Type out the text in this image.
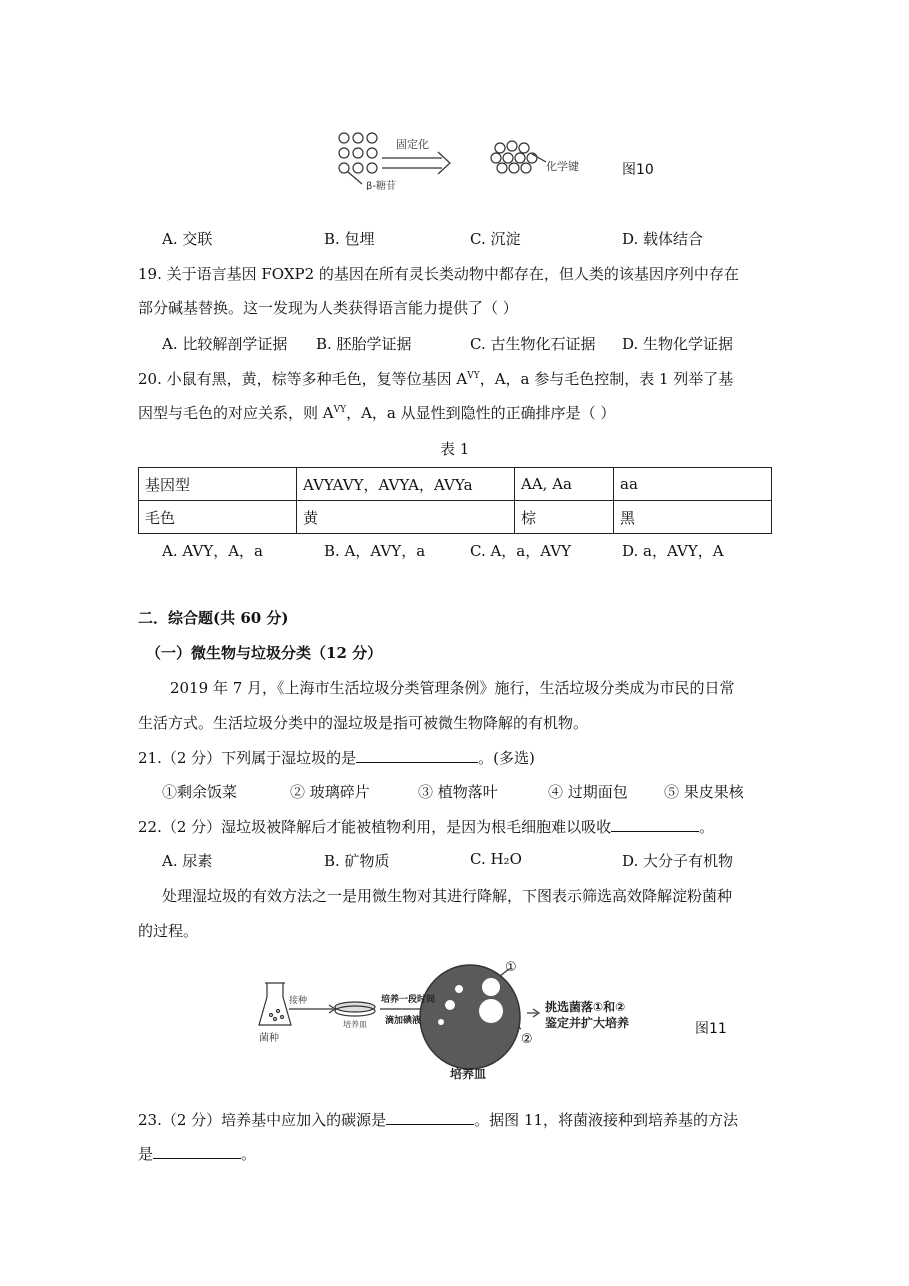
固定化
β-糖苷
化学键	图10
A. 交联	B. 包埋	C. 沉淀	D. 载体结合
19. 关于语言基因 FOXP2 的基因在所有灵长类动物中都存在，但人类的该基因序列中存在
部分碱基替换。这一发现为人类获得语言能力提供了（ ）
A. 比较解剖学证据 B. 胚胎学证据	C. 古生物化石证据 D. 生物化学证据
20. 小鼠有黑，黄，棕等多种毛色，复等位基因 $A^{VY}$，A，a 参与毛色控制，表 1 列举了基
因型与毛色的对应关系，则 $A^{VY}$，A，a 从显性到隐性的正确排序是（ ）
表 1
基因型	AVYAVY，AVYA，AVYa	AA, Aa	aa
毛色	黄	棕	黑
A. AVY，A，a	B. A，AVY，a	C. A，a，AVY	D. a，AVY，A
二．综合题(共 60 分)
（一）微生物与垃圾分类（12 分）
2019 年 7 月，《上海市生活垃圾分类管理条例》施行，生活垃圾分类成为市民的日常
生活方式。生活垃圾分类中的湿垃圾是指可被微生物降解的有机物。
21.（2 分）下列属于湿垃圾的是	。(多选)
①剩余饭菜	② 玻璃碎片	③ 植物落叶	④ 过期面包 ⑤ 果皮果核
22.（2 分）湿垃圾被降解后才能被植物利用，是因为根毛细胞难以吸收	。
A. 尿素	B. 矿物质	C. H₂O	D. 大分子有机物
处理湿垃圾的有效方法之一是用微生物对其进行降解，下图表示筛选高效降解淀粉菌种
的过程。
①
②
接种
培养皿
菌种
培养一段时间
滴加碘液
培养皿
挑选菌落①和②
鉴定并扩大培养	图11
23.（2 分）培养基中应加入的碳源是	。据图 11，将菌液接种到培养基的方法
是	。
